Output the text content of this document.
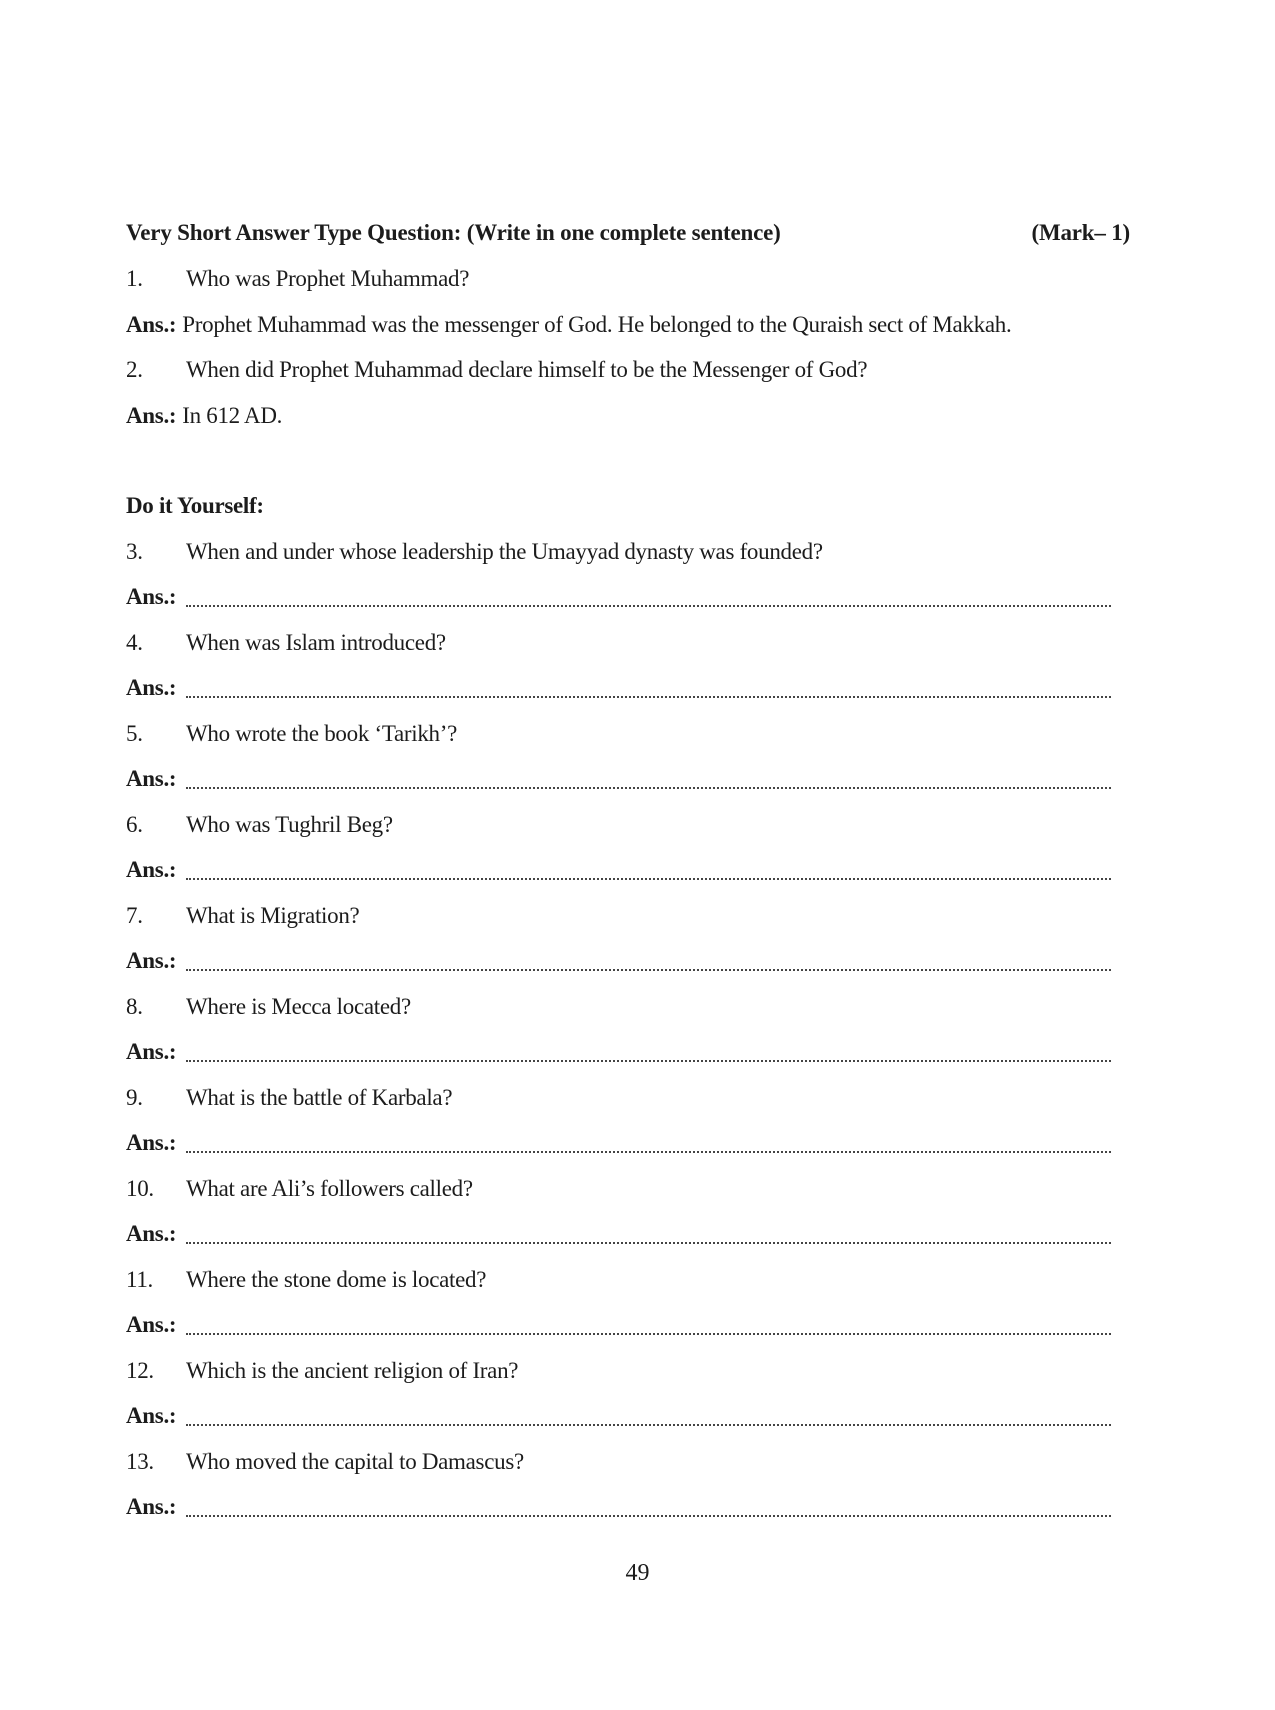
Very Short Answer Type Question: (Write in one complete sentence)	(Mark– 1)
1. Who was Prophet Muhammad?
Ans.: Prophet Muhammad was the messenger of God. He belonged to the Quraish sect of Makkah.
2. When did Prophet Muhammad declare himself to be the Messenger of God?
Ans.: In 612 AD.
Do it Yourself:
3. When and under whose leadership the Umayyad dynasty was founded?
Ans.:
4. When was Islam introduced?
Ans.:
5. Who wrote the book ‘Tarikh’?
Ans.:
6. Who was Tughril Beg?
Ans.:
7. What is Migration?
Ans.:
8. Where is Mecca located?
Ans.:
9. What is the battle of Karbala?
Ans.:
10. What are Ali’s followers called?
Ans.:
11. Where the stone dome is located?
Ans.:
12. Which is the ancient religion of Iran?
Ans.:
13. Who moved the capital to Damascus?
Ans.:
49
